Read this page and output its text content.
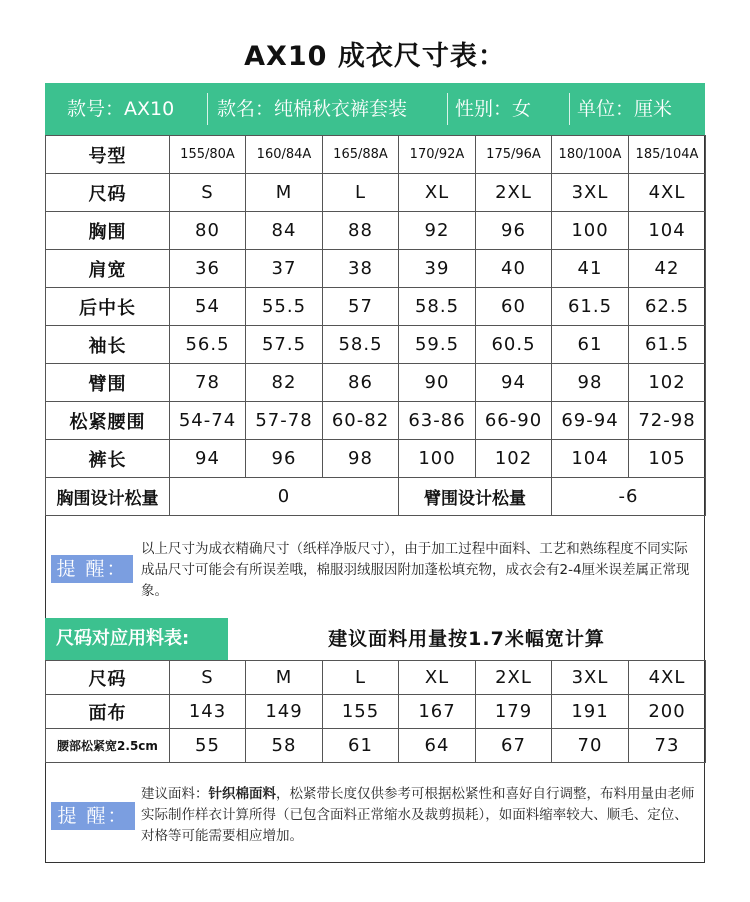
AX10 成衣尺寸表：
款号：AX10 款名：纯棉秋衣裤套装	性别：女 单位：厘米
号型	155/80A	160/84A	165/88A	170/92A	175/96A	180/100A	185/104A
尺码	S	M	L	XL	2XL	3XL	4XL
胸围	80	84	88	92	96	100	104
肩宽	36	37	38	39	40	41	42
后中长	54	55.5	57	58.5	60	61.5	62.5
袖长	56.5	57.5	58.5	59.5	60.5	61	61.5
臂围	78	82	86	90	94	98	102
松紧腰围	54-74	57-78	60-82	63-86	66-90	69-94	72-98
裤长	94	96	98	100	102	104	105
胸围设计松量	0			臂围设计松量		-6	
提 醒：
以上尺寸为成衣精确尺寸（纸样净版尺寸），由于加工过程中面料、工艺和熟练程度不同实际成品尺寸可能会有所误差哦，棉服羽绒服因附加蓬松填充物，成衣会有2-4厘米误差属正常现象。
尺码对应用料表:	建议面料用量按1.7米幅宽计算
尺码	S	M	L	XL	2XL	3XL	4XL
面布	143	149	155	167	179	191	200
腰部松紧宽2.5cm	55	58	61	64	67	70	73
提 醒：
建议面料：针织棉面料，松紧带长度仅供参考可根据松紧性和喜好自行调整，布料用量由老师实际制作样衣计算所得（已包含面料正常缩水及裁剪损耗），如面料缩率较大、顺毛、定位、对格等可能需要相应增加。
